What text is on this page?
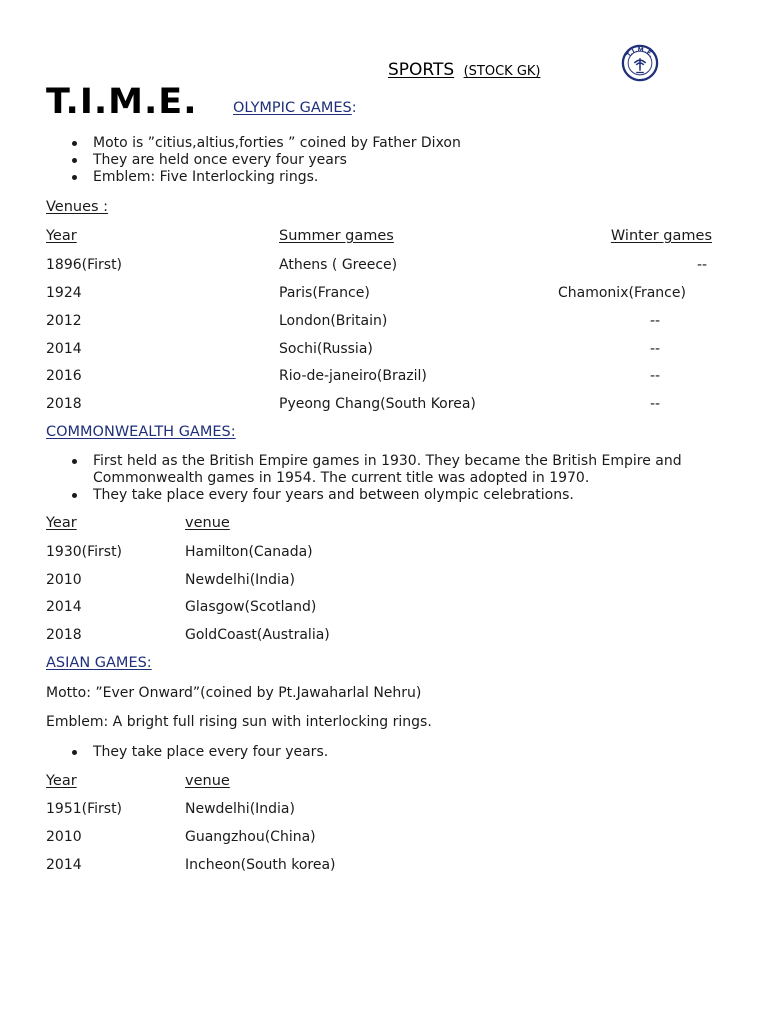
SPORTS (STOCK GK)
T.I.M.E.
T.I.M.E. OLYMPIC GAMES:
Moto is ”citius,altius,forties ” coined by Father Dixon
They are held once every four years
Emblem: Five Interlocking rings.
Venues :
Year	Summer games	Winter games
1896(First)	Athens ( Greece)	--
1924	Paris(France)	Chamonix(France)
2012	London(Britain)	--
2014	Sochi(Russia)	--
2016	Rio-de-janeiro(Brazil)	--
2018	Pyeong Chang(South Korea)	--
COMMONWEALTH GAMES:
First held as the British Empire games in 1930. They became the British Empire and Commonwealth games in 1954. The current title was adopted in 1970.
They take place every four years and between olympic celebrations.
Year	venue
1930(First)	Hamilton(Canada)
2010	Newdelhi(India)
2014	Glasgow(Scotland)
2018	GoldCoast(Australia)
ASIAN GAMES:
Motto: ”Ever Onward”(coined by Pt.Jawaharlal Nehru)
Emblem: A bright full rising sun with interlocking rings.
They take place every four years.
Year	venue
1951(First)	Newdelhi(India)
2010	Guangzhou(China)
2014	Incheon(South korea)
